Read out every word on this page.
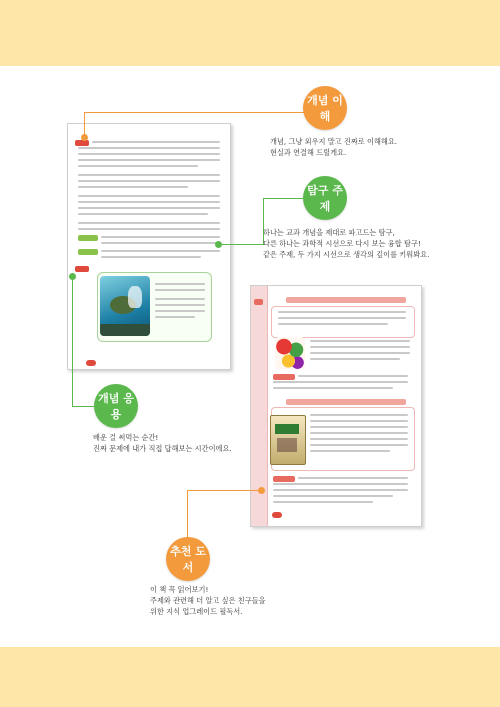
개념 이해
탐구 주제
개념 응용
추천 도서
개념, 그냥 외우지 말고 진짜로 이해해요.
현실과 연결해 드릴게요.
하나는 교과 개념을 제대로 파고드는 탐구,
다른 하나는 과학적 시선으로 다시 보는 융합 탐구!
같은 주제, 두 가지 시선으로 생각의 깊이를 키워봐요.
배운 걸 써먹는 순간!
진짜 문제에 내가 직접 답해보는 시간이에요.
이 책 꼭 읽어보기!
주제와 관련해 더 알고 싶은 친구들을
위한 지식 업그레이드 필독서.
